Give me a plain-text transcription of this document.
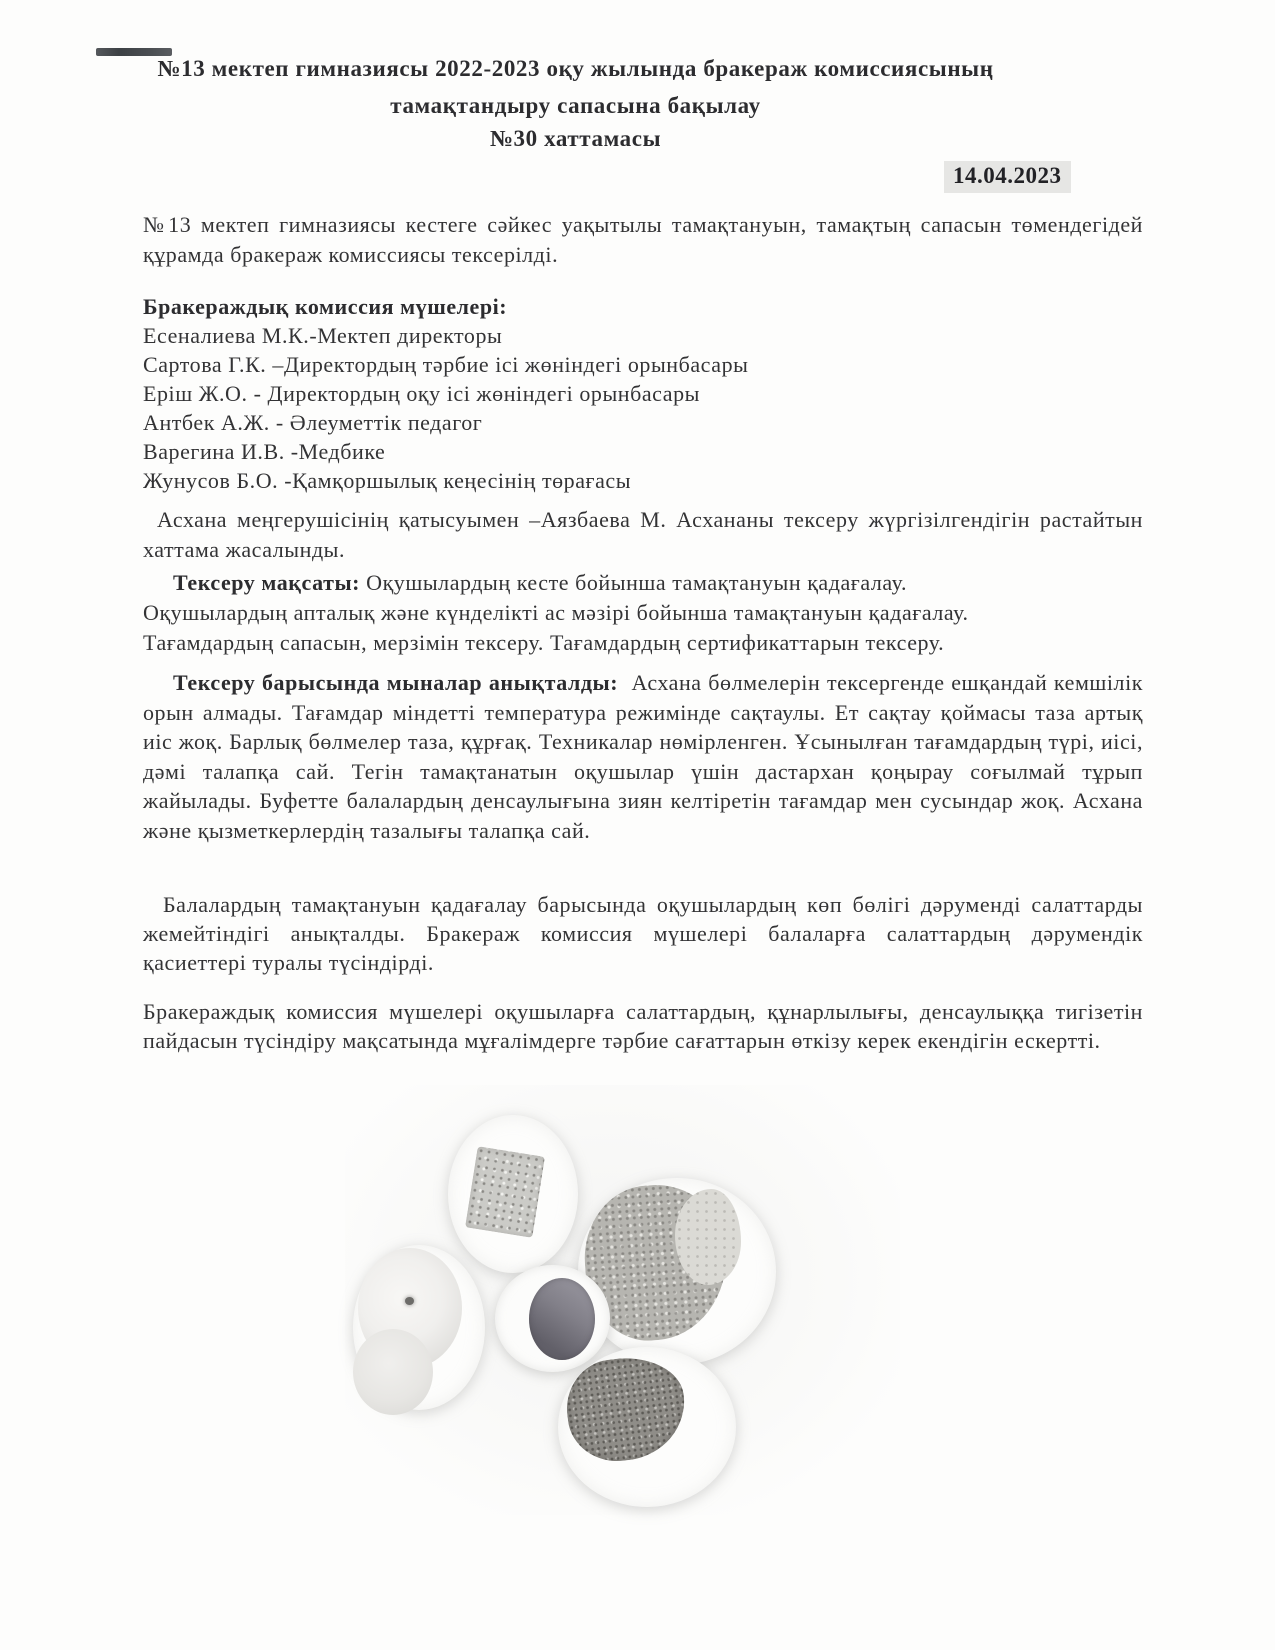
№13 мектеп гимназиясы 2022-2023 оқу жылында бракераж комиссиясының
тамақтандыру сапасына бақылау
№30 хаттамасы
14.04.2023
№13 мектеп гимназиясы кестеге сәйкес уақытылы тамақтануын, тамақтың сапасын төмендегідей құрамда бракераж комиссиясы тексерілді.
Бракераждық комиссия мүшелері:
Есеналиева М.К.-Мектеп директоры
Сартова Г.К. –Директордың тәрбие ісі жөніндегі орынбасары
Еріш Ж.О. - Директордың оқу ісі жөніндегі орынбасары
Антбек А.Ж. - Әлеуметтік педагог
Варегина И.В. -Медбике
Жунусов Б.О. -Қамқоршылық кеңесінің төрағасы
Асхана меңгерушісінің қатысуымен –Аязбаева М. Асхананы тексеру жүргізілгендігін растайтын хаттама жасалынды.
Тексеру мақсаты: Оқушылардың кесте бойынша тамақтануын қадағалау.
Оқушылардың апталық және күнделікті ас мәзірі бойынша тамақтануын қадағалау.
Тағамдардың сапасын, мерзімін тексеру. Тағамдардың сертификаттарын тексеру.
Тексеру барысында мыналар анықталды: Асхана бөлмелерін тексергенде ешқандай кемшілік орын алмады. Тағамдар міндетті температура режимінде сақтаулы. Ет сақтау қоймасы таза артық иіс жоқ. Барлық бөлмелер таза, құрғақ. Техникалар нөмірленген. Ұсынылған тағамдардың түрі, иісі, дәмі талапқа сай. Тегін тамақтанатын оқушылар үшін дастархан қоңырау соғылмай тұрып жайылады. Буфетте балалардың денсаулығына зиян келтіретін тағамдар мен сусындар жоқ. Асхана және қызметкерлердің тазалығы талапқа сай.
Балалардың тамақтануын қадағалау барысында оқушылардың көп бөлігі дәруменді салаттарды жемейтіндігі анықталды. Бракераж комиссия мүшелері балаларға салаттардың дәрумендік қасиеттері туралы түсіндірді.
Бракераждық комиссия мүшелері оқушыларға салаттардың, құнарлылығы, денсаулыққа тигізетін пайдасын түсіндіру мақсатында мұғалімдерге тәрбие сағаттарын өткізу керек екендігін ескертті.
